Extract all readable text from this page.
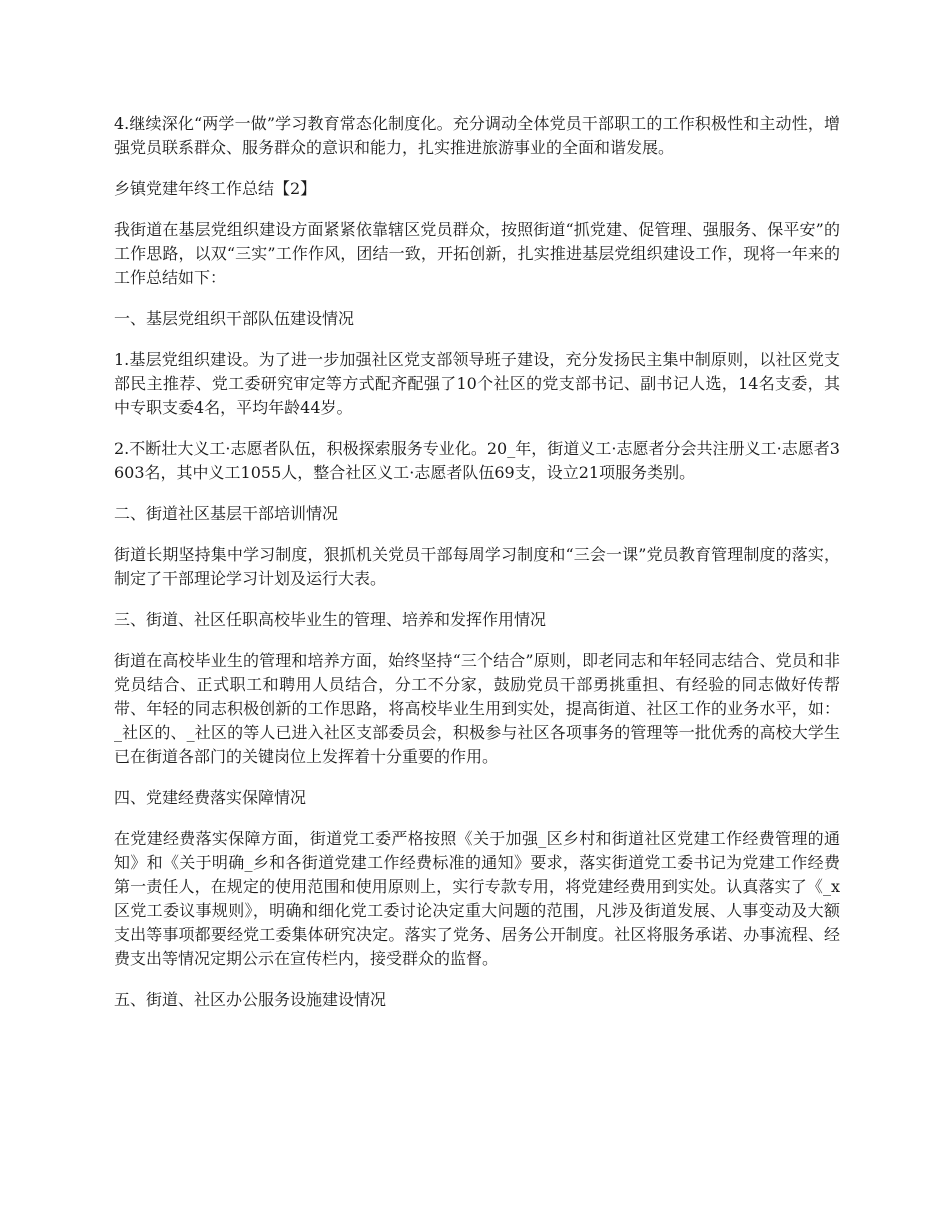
4.继续深化“两学一做”学习教育常态化制度化。充分调动全体党员干部职工的工作积极性和主动性，增强党员联系群众、服务群众的意识和能力，扎实推进旅游事业的全面和谐发展。

乡镇党建年终工作总结【2】

我街道在基层党组织建设方面紧紧依靠辖区党员群众，按照街道“抓党建、促管理、强服务、保平安”的工作思路，以双“三实”工作作风，团结一致，开拓创新，扎实推进基层党组织建设工作，现将一年来的工作总结如下：

一、基层党组织干部队伍建设情况

1.基层党组织建设。为了进一步加强社区党支部领导班子建设，充分发扬民主集中制原则，以社区党支部民主推荐、党工委研究审定等方式配齐配强了10个社区的党支部书记、副书记人选，14名支委，其中专职支委4名，平均年龄44岁。

2.不断壮大义工·志愿者队伍，积极探索服务专业化。20_年，街道义工·志愿者分会共注册义工·志愿者3603名，其中义工1055人，整合社区义工·志愿者队伍69支，设立21项服务类别。

二、街道社区基层干部培训情况

街道长期坚持集中学习制度，狠抓机关党员干部每周学习制度和“三会一课”党员教育管理制度的落实，制定了干部理论学习计划及运行大表。

三、街道、社区任职高校毕业生的管理、培养和发挥作用情况

街道在高校毕业生的管理和培养方面，始终坚持“三个结合”原则，即老同志和年轻同志结合、党员和非党员结合、正式职工和聘用人员结合，分工不分家，鼓励党员干部勇挑重担、有经验的同志做好传帮带、年轻的同志积极创新的工作思路，将高校毕业生用到实处，提高街道、社区工作的业务水平，如：_社区的、_社区的等人已进入社区支部委员会，积极参与社区各项事务的管理等一批优秀的高校大学生已在街道各部门的关键岗位上发挥着十分重要的作用。

四、党建经费落实保障情况

在党建经费落实保障方面，街道党工委严格按照《关于加强_区乡村和街道社区党建工作经费管理的通知》和《关于明确_乡和各街道党建工作经费标准的通知》要求，落实街道党工委书记为党建工作经费第一责任人，在规定的使用范围和使用原则上，实行专款专用，将党建经费用到实处。认真落实了《_x区党工委议事规则》，明确和细化党工委讨论决定重大问题的范围，凡涉及街道发展、人事变动及大额支出等事项都要经党工委集体研究决定。落实了党务、居务公开制度。社区将服务承诺、办事流程、经费支出等情况定期公示在宣传栏内，接受群众的监督。

五、街道、社区办公服务设施建设情况
